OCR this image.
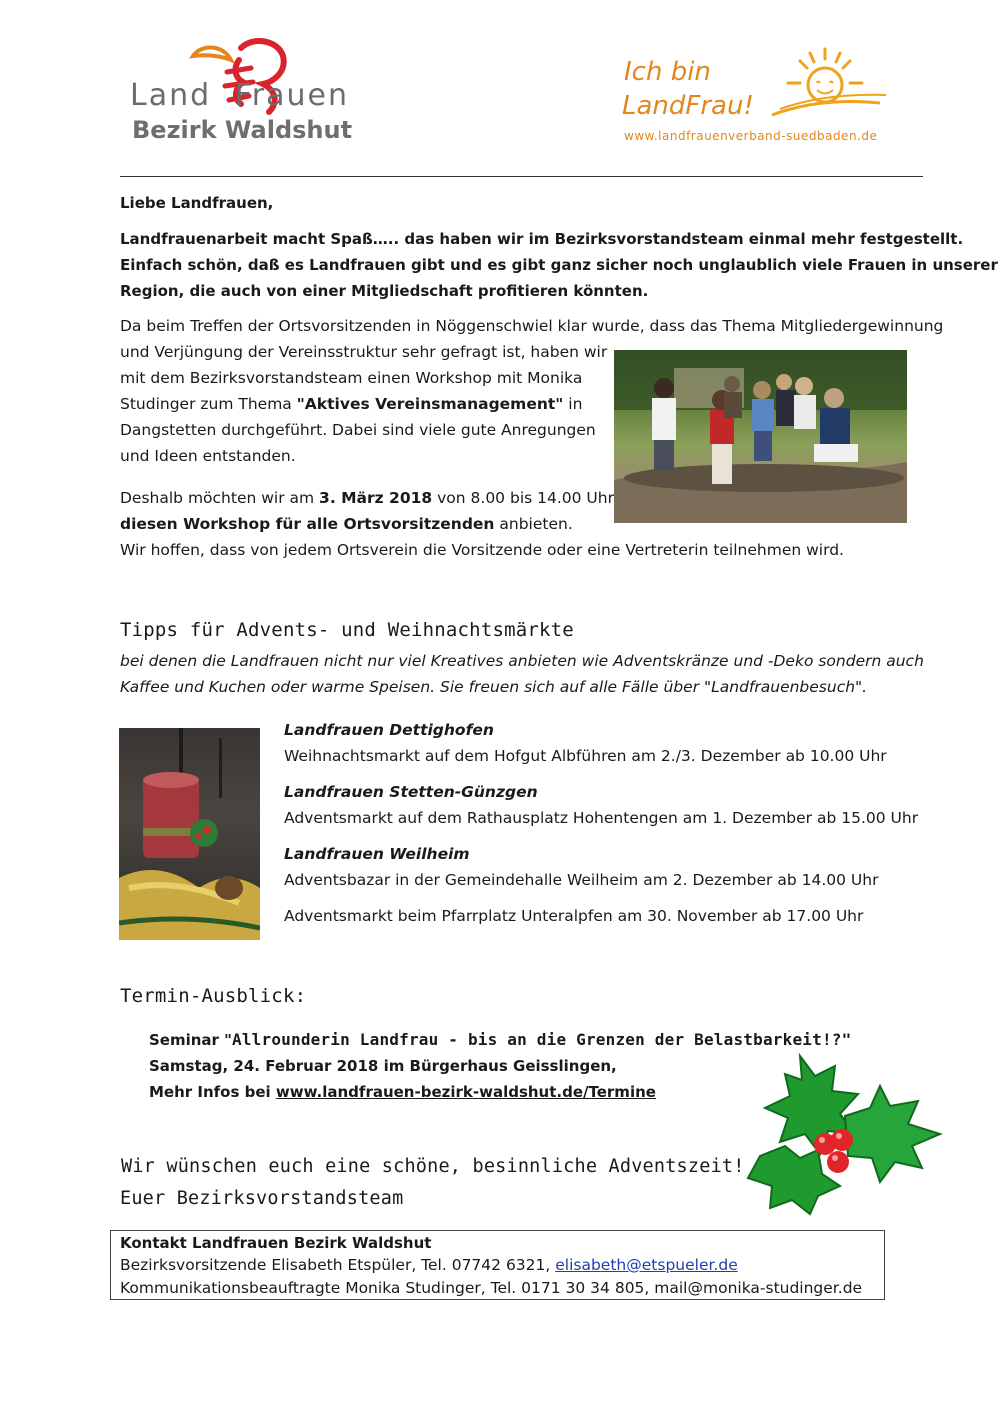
Land Frauen
Bezirk Waldshut
Ich bin
LandFrau!
www.landfrauenverband-suedbaden.de
Liebe Landfrauen,
Landfrauenarbeit macht Spaß….. das haben wir im Bezirksvorstandsteam einmal mehr festgestellt.
Einfach schön, daß es Landfrauen gibt und es gibt ganz sicher noch unglaublich viele Frauen in unserer
Region, die auch von einer Mitgliedschaft profitieren könnten.
Da beim Treffen der Ortsvorsitzenden in Nöggenschwiel klar wurde, dass das Thema Mitgliedergewinnung
und Verjüngung der Vereinsstruktur sehr gefragt ist, haben wir
mit dem Bezirksvorstandsteam einen Workshop mit Monika
Studinger zum Thema "Aktives Vereinsmanagement" in
Dangstetten durchgeführt. Dabei sind viele gute Anregungen
und Ideen entstanden.
Deshalb möchten wir am 3. März 2018 von 8.00 bis 14.00 Uhr
diesen Workshop für alle Ortsvorsitzenden anbieten.
Wir hoffen, dass von jedem Ortsverein die Vorsitzende oder eine Vertreterin teilnehmen wird.
Tipps für Advents- und Weihnachtsmärkte
bei denen die Landfrauen nicht nur viel Kreatives anbieten wie Adventskränze und -Deko sondern auch
Kaffee und Kuchen oder warme Speisen. Sie freuen sich auf alle Fälle über "Landfrauenbesuch".
Landfrauen Dettighofen
Weihnachtsmarkt auf dem Hofgut Albführen am 2./3. Dezember ab 10.00 Uhr
Landfrauen Stetten-Günzgen
Adventsmarkt auf dem Rathausplatz Hohentengen am 1. Dezember ab 15.00 Uhr
Landfrauen Weilheim
Adventsbazar in der Gemeindehalle Weilheim am 2. Dezember ab 14.00 Uhr
Adventsmarkt beim Pfarrplatz Unteralpfen am 30. November ab 17.00 Uhr
Termin-Ausblick:
Seminar "Allrounderin Landfrau - bis an die Grenzen der Belastbarkeit!?"
Samstag, 24. Februar 2018 im Bürgerhaus Geisslingen,
Mehr Infos bei www.landfrauen-bezirk-waldshut.de/Termine
Wir wünschen euch eine schöne, besinnliche Adventszeit!
Euer Bezirksvorstandsteam
Kontakt Landfrauen Bezirk Waldshut
Bezirksvorsitzende Elisabeth Etspüler, Tel. 07742 6321, elisabeth@etspueler.de
Kommunikationsbeauftragte Monika Studinger, Tel. 0171 30 34 805, mail@monika-studinger.de
